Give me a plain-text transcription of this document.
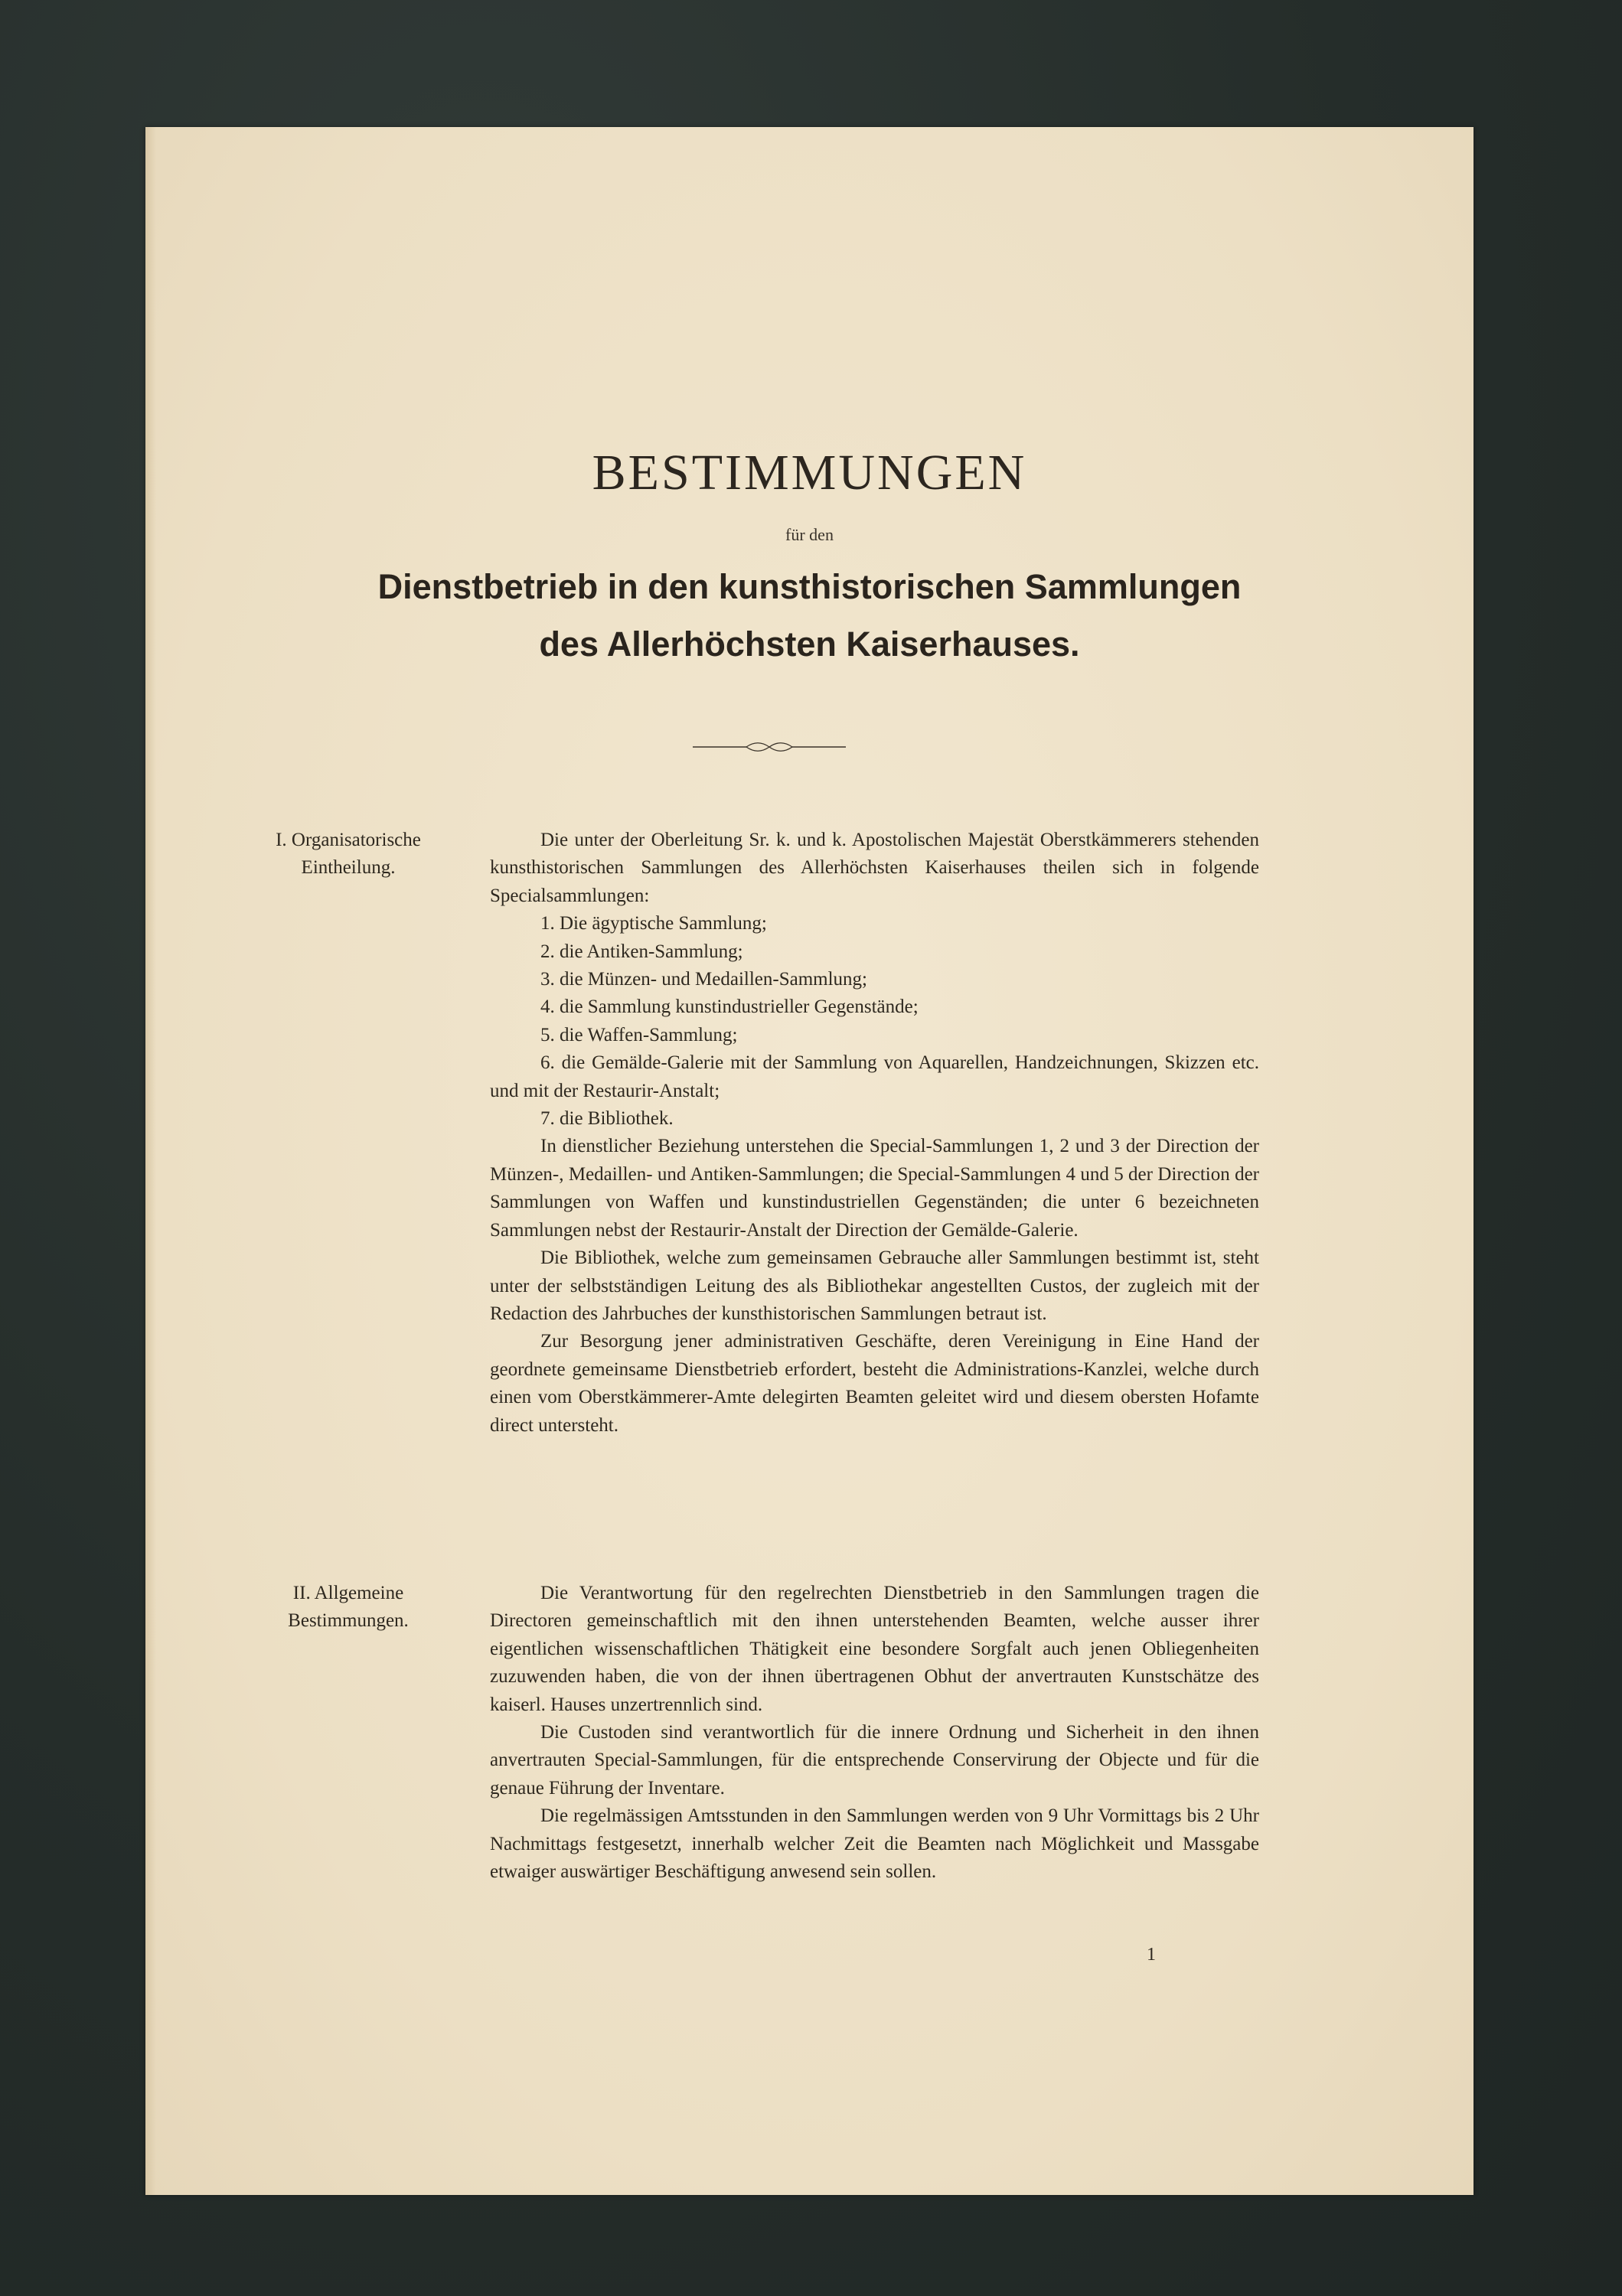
BESTIMMUNGEN
für den
Dienstbetrieb in den kunsthistorischen Sammlungen
des Allerhöchsten Kaiserhauses.
I. Organisatorische
Eintheilung.

Die unter der Oberleitung Sr. k. und k. Apostolischen Majestät Oberstkämmerers stehenden kunsthistorischen Sammlungen des Allerhöchsten Kaiserhauses theilen sich in folgende Specialsammlungen:

1. Die ägyptische Sammlung;

2. die Antiken-Sammlung;

3. die Münzen- und Medaillen-Sammlung;

4. die Sammlung kunstindustrieller Gegenstände;

5. die Waffen-Sammlung;

6. die Gemälde-Galerie mit der Sammlung von Aquarellen, Handzeichnungen, Skizzen etc. und mit der Restaurir-Anstalt;

7. die Bibliothek.

In dienstlicher Beziehung unterstehen die Special-Sammlungen 1, 2 und 3 der Direction der Münzen-, Medaillen- und Antiken-Sammlungen; die Special-Sammlungen 4 und 5 der Direction der Sammlungen von Waffen und kunstindustriellen Gegenständen; die unter 6 bezeichneten Sammlungen nebst der Restaurir-Anstalt der Direction der Gemälde-Galerie.

Die Bibliothek, welche zum gemeinsamen Gebrauche aller Sammlungen bestimmt ist, steht unter der selbstständigen Leitung des als Bibliothekar angestellten Custos, der zugleich mit der Redaction des Jahrbuches der kunsthistorischen Sammlungen betraut ist.

Zur Besorgung jener administrativen Geschäfte, deren Vereinigung in Eine Hand der geordnete gemeinsame Dienstbetrieb erfordert, besteht die Administrations-Kanzlei, welche durch einen vom Oberstkämmerer-Amte delegirten Beamten geleitet wird und diesem obersten Hofamte direct untersteht.

II. Allgemeine
Bestimmungen.

Die Verantwortung für den regelrechten Dienstbetrieb in den Sammlungen tragen die Directoren gemeinschaftlich mit den ihnen unterstehenden Beamten, welche ausser ihrer eigentlichen wissenschaftlichen Thätigkeit eine besondere Sorgfalt auch jenen Obliegenheiten zuzuwenden haben, die von der ihnen übertragenen Obhut der anvertrauten Kunstschätze des kaiserl. Hauses unzertrennlich sind.

Die Custoden sind verantwortlich für die innere Ordnung und Sicherheit in den ihnen anvertrauten Special-Sammlungen, für die entsprechende Conservirung der Objecte und für die genaue Führung der Inventare.

Die regelmässigen Amtsstunden in den Sammlungen werden von 9 Uhr Vormittags bis 2 Uhr Nachmittags festgesetzt, innerhalb welcher Zeit die Beamten nach Möglichkeit und Massgabe etwaiger auswärtiger Beschäftigung anwesend sein sollen.

1
